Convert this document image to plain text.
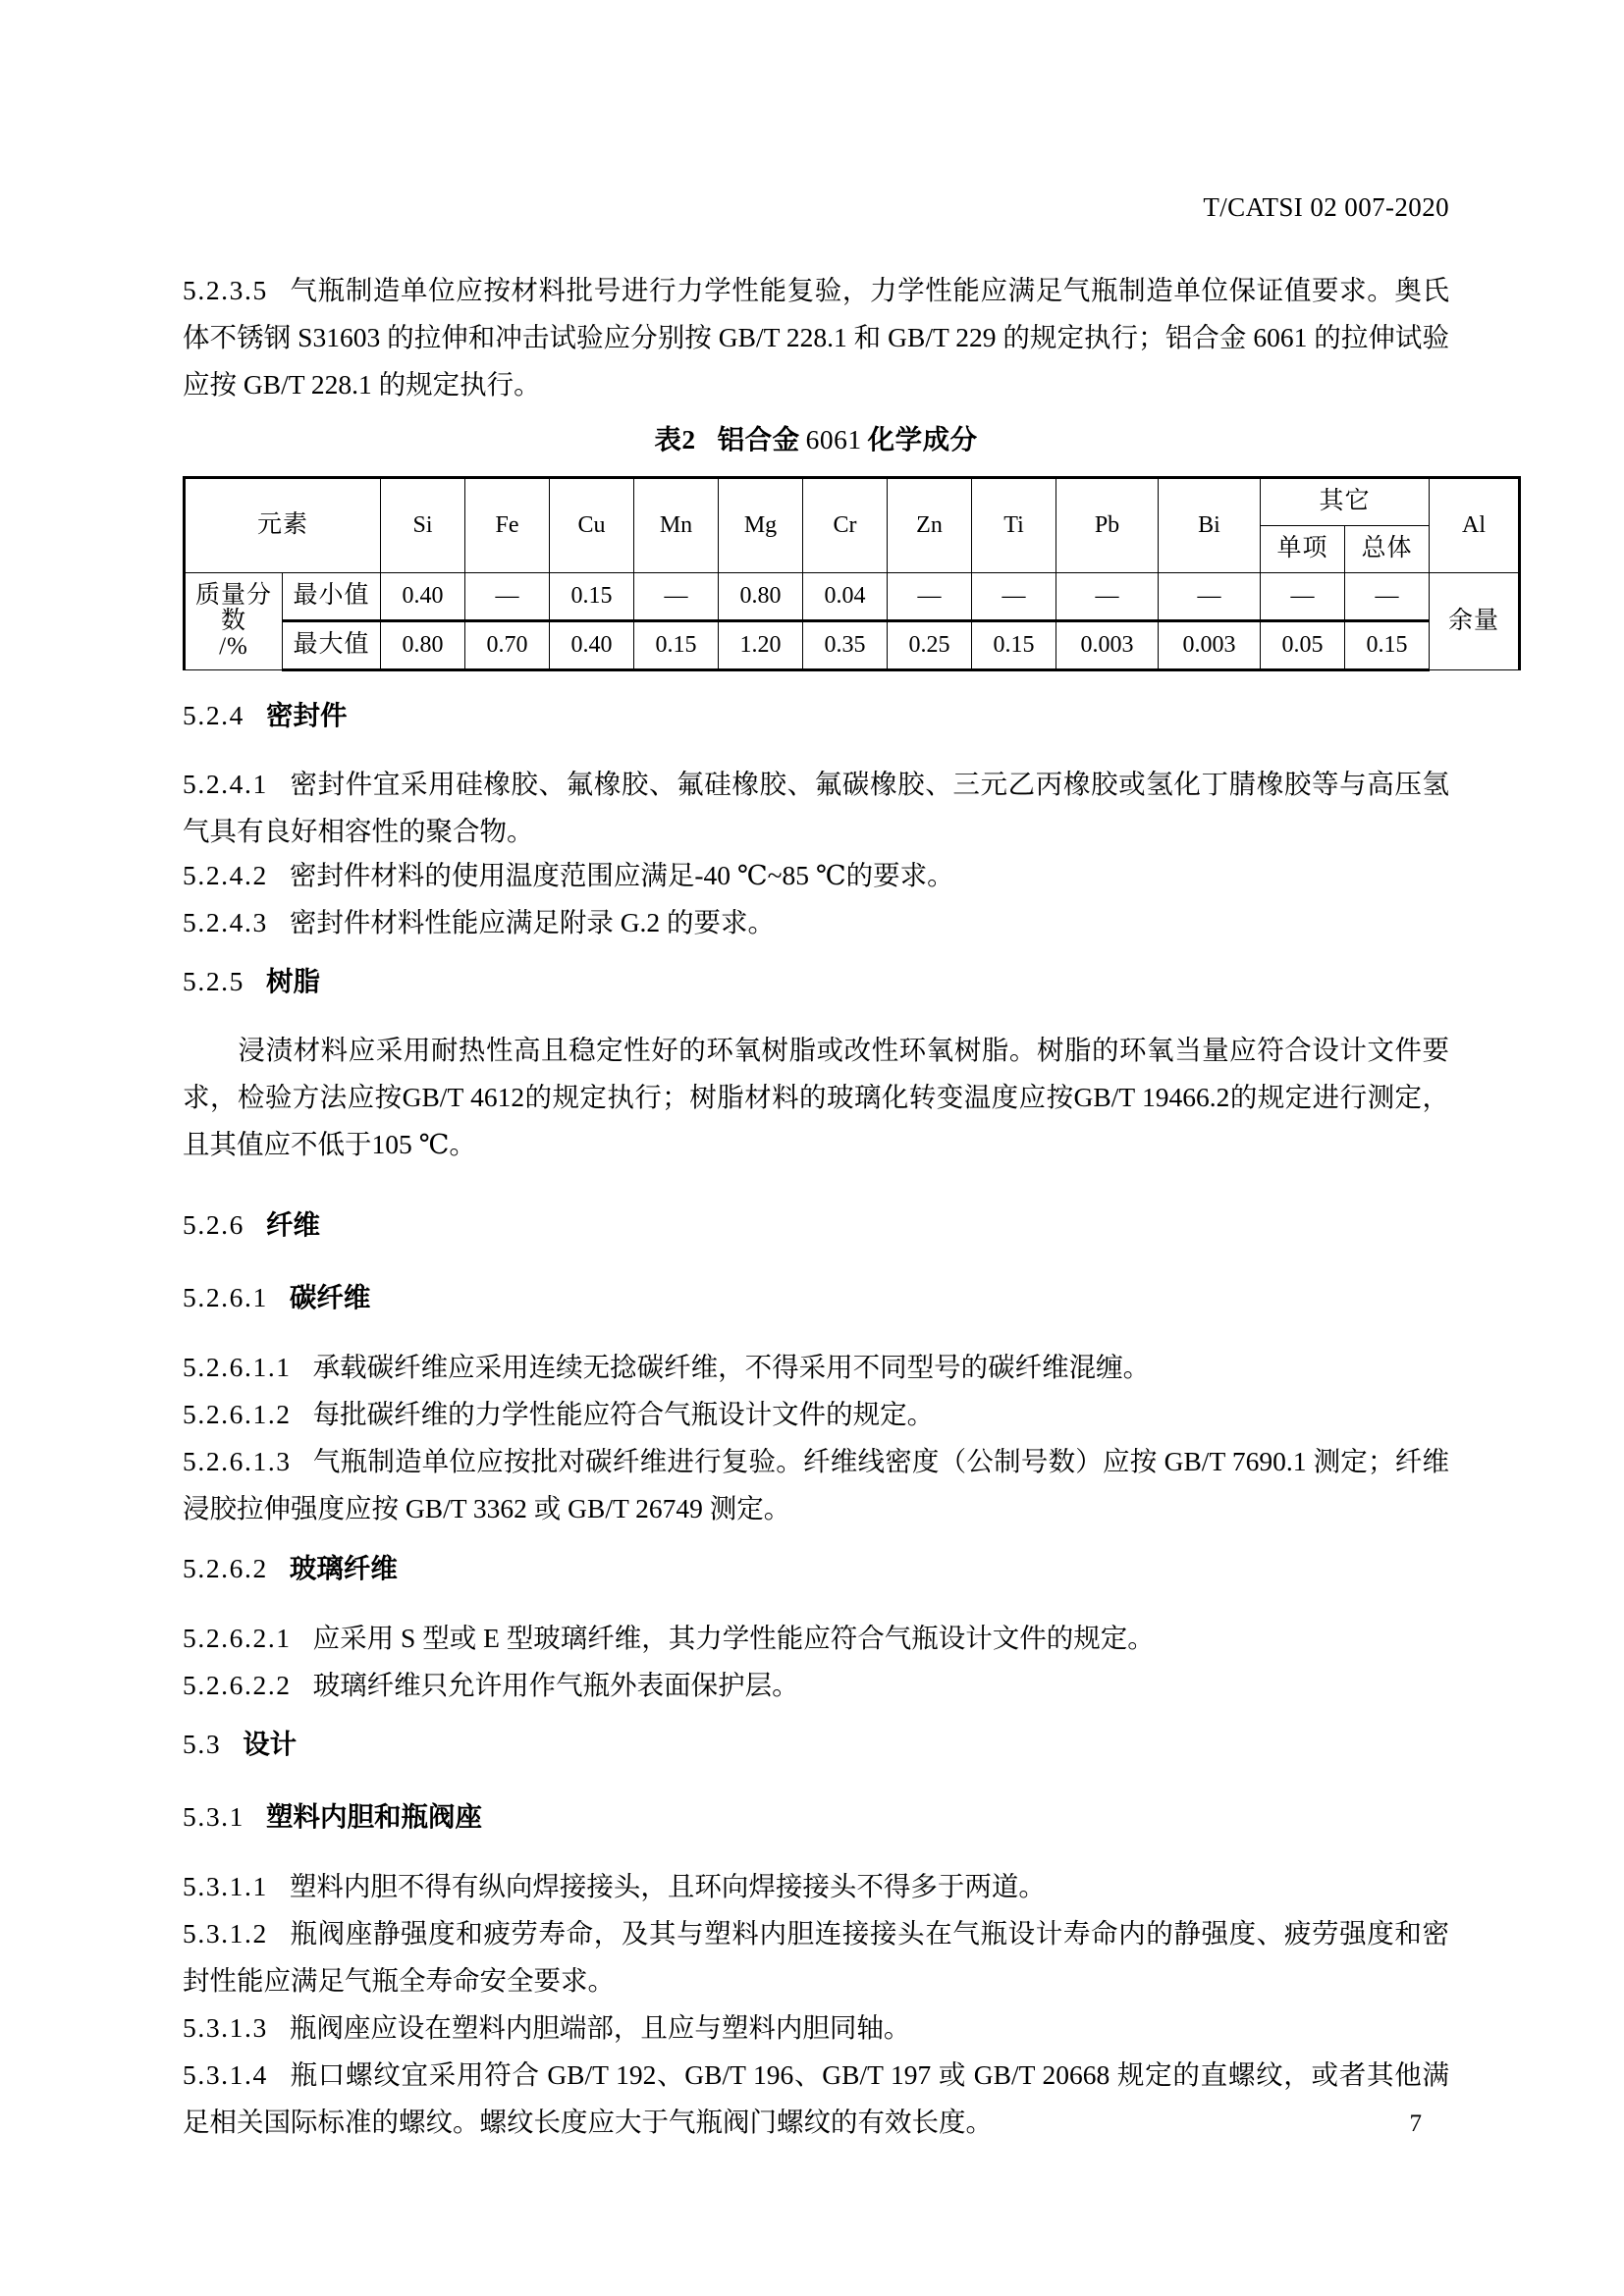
T/CATSI 02 007-2020
5.2.3.5 气瓶制造单位应按材料批号进行力学性能复验，力学性能应满足气瓶制造单位保证值要求。奥氏体不锈钢 S31603 的拉伸和冲击试验应分别按 GB/T 228.1 和 GB/T 229 的规定执行；铝合金 6061 的拉伸试验应按 GB/T 228.1 的规定执行。
表2 铝合金  6061  化学成分
元素		Si	Fe	Cu	Mn	Mg	Cr	Zn	Ti	Pb	Bi	其它		Al
												单项	总体	

质量分数
/%	最小值	0.40	—	0.15	—	0.80	0.04	—	—	—	—	—	—	余量
	最大值	0.80	0.70	0.40	0.15	1.20	0.35	0.25	0.15	0.003	0.003	0.05	0.15	
5.2.4 密封件
5.2.4.1 密封件宜采用硅橡胶、氟橡胶、氟硅橡胶、氟碳橡胶、三元乙丙橡胶或氢化丁腈橡胶等与高压氢气具有良好相容性的聚合物。
5.2.4.2 密封件材料的使用温度范围应满足-40 ℃~85 ℃的要求。
5.2.4.3 密封件材料性能应满足附录 G.2 的要求。
5.2.5 树脂
浸渍材料应采用耐热性高且稳定性好的环氧树脂或改性环氧树脂。树脂的环氧当量应符合设计文件要求，检验方法应按GB/T 4612的规定执行；树脂材料的玻璃化转变温度应按GB/T 19466.2的规定进行测定，且其值应不低于105 ℃。
5.2.6 纤维
5.2.6.1 碳纤维
5.2.6.1.1 承载碳纤维应采用连续无捻碳纤维，不得采用不同型号的碳纤维混缠。
5.2.6.1.2 每批碳纤维的力学性能应符合气瓶设计文件的规定。
5.2.6.1.3 气瓶制造单位应按批对碳纤维进行复验。纤维线密度（公制号数）应按 GB/T 7690.1 测定；纤维浸胶拉伸强度应按 GB/T 3362 或 GB/T 26749 测定。
5.2.6.2 玻璃纤维
5.2.6.2.1 应采用 S 型或 E 型玻璃纤维，其力学性能应符合气瓶设计文件的规定。
5.2.6.2.2 玻璃纤维只允许用作气瓶外表面保护层。
5.3 设计
5.3.1 塑料内胆和瓶阀座
5.3.1.1 塑料内胆不得有纵向焊接接头，且环向焊接接头不得多于两道。
5.3.1.2 瓶阀座静强度和疲劳寿命，及其与塑料内胆连接接头在气瓶设计寿命内的静强度、疲劳强度和密封性能应满足气瓶全寿命安全要求。
5.3.1.3 瓶阀座应设在塑料内胆端部，且应与塑料内胆同轴。
5.3.1.4 瓶口螺纹宜采用符合 GB/T 192、GB/T 196、GB/T 197 或 GB/T 20668 规定的直螺纹，或者其他满足相关国际标准的螺纹。螺纹长度应大于气瓶阀门螺纹的有效长度。	7
